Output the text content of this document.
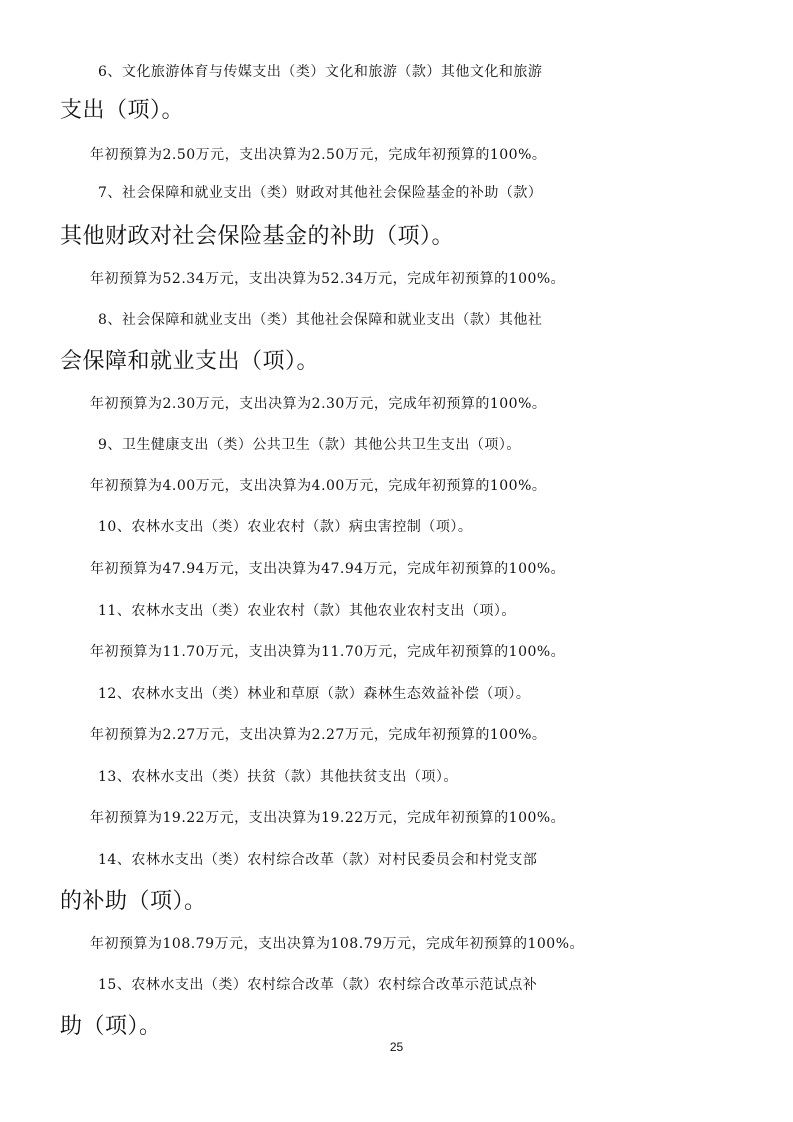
6、文化旅游体育与传媒支出（类）文化和旅游（款）其他文化和旅游
支出（项）。
年初预算为2.50万元，支出决算为2.50万元，完成年初预算的100%。
7、社会保障和就业支出（类）财政对其他社会保险基金的补助（款）
其他财政对社会保险基金的补助（项）。
年初预算为52.34万元，支出决算为52.34万元，完成年初预算的100%。
8、社会保障和就业支出（类）其他社会保障和就业支出（款）其他社
会保障和就业支出（项）。
年初预算为2.30万元，支出决算为2.30万元，完成年初预算的100%。
9、卫生健康支出（类）公共卫生（款）其他公共卫生支出（项）。
年初预算为4.00万元，支出决算为4.00万元，完成年初预算的100%。
10、农林水支出（类）农业农村（款）病虫害控制（项）。
年初预算为47.94万元，支出决算为47.94万元，完成年初预算的100%。
11、农林水支出（类）农业农村（款）其他农业农村支出（项）。
年初预算为11.70万元，支出决算为11.70万元，完成年初预算的100%。
12、农林水支出（类）林业和草原（款）森林生态效益补偿（项）。
年初预算为2.27万元，支出决算为2.27万元，完成年初预算的100%。
13、农林水支出（类）扶贫（款）其他扶贫支出（项）。
年初预算为19.22万元，支出决算为19.22万元，完成年初预算的100%。
14、农林水支出（类）农村综合改革（款）对村民委员会和村党支部
的补助（项）。
年初预算为108.79万元，支出决算为108.79万元，完成年初预算的100%。
15、农林水支出（类）农村综合改革（款）农村综合改革示范试点补
助（项）。
25
